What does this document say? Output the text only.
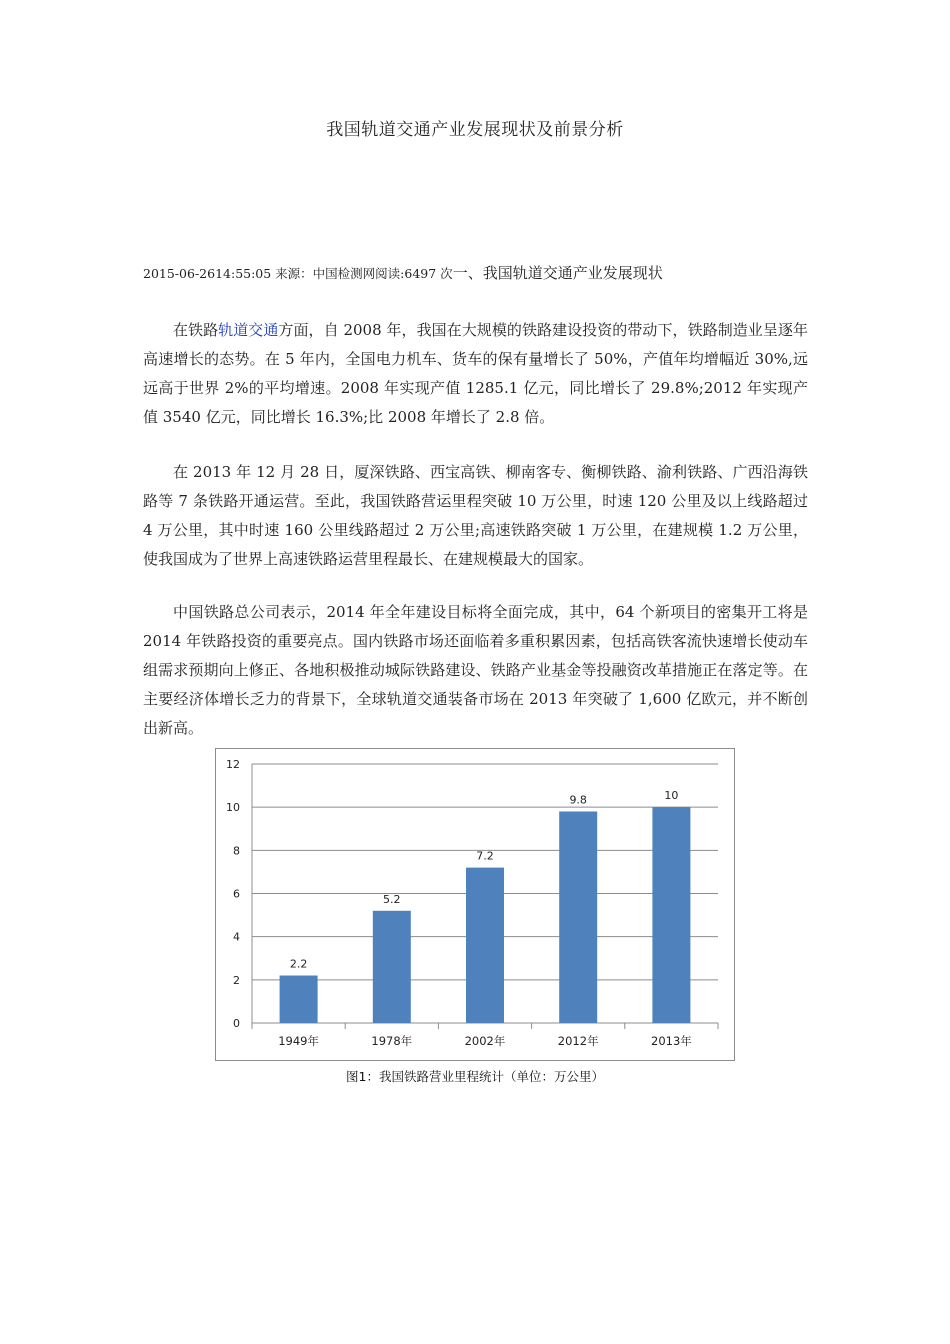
我国轨道交通产业发展现状及前景分析
2015-06-2614:55:05 来源：中国检测网阅读:6497 次一、我国轨道交通产业发展现状

在铁路轨道交通方面，自 2008 年，我国在大规模的铁路建设投资的带动下，铁路制造业呈逐年高速增长的态势。在 5 年内，全国电力机车、货车的保有量增长了 50%，产值年均增幅近 30%,远远高于世界 2%的平均增速。2008 年实现产值 1285.1 亿元，同比增长了 29.8%;2012 年实现产值 3540 亿元，同比增长 16.3%;比 2008 年增长了 2.8 倍。

在 2013 年 12 月 28 日，厦深铁路、西宝高铁、柳南客专、衡柳铁路、渝利铁路、广西沿海铁路等 7 条铁路开通运营。至此，我国铁路营运里程突破 10 万公里，时速 120 公里及以上线路超过 4 万公里，其中时速 160 公里线路超过 2 万公里;高速铁路突破 1 万公里，在建规模 1.2 万公里，使我国成为了世界上高速铁路运营里程最长、在建规模最大的国家。

中国铁路总公司表示，2014 年全年建设目标将全面完成，其中，64 个新项目的密集开工将是 2014 年铁路投资的重要亮点。国内铁路市场还面临着多重积累因素，包括高铁客流快速增长使动车组需求预期向上修正、各地积极推动城际铁路建设、铁路产业基金等投融资改革措施正在落定等。在主要经济体增长乏力的背景下，全球轨道交通装备市场在 2013 年突破了 1,600 亿欧元，并不断创出新高。

0
2
4
6
8
10
12
2.2
1949年
5.2
1978年
7.2
2002年
9.8
2012年
10
2013年
图1：我国铁路营业里程统计（单位：万公里）
